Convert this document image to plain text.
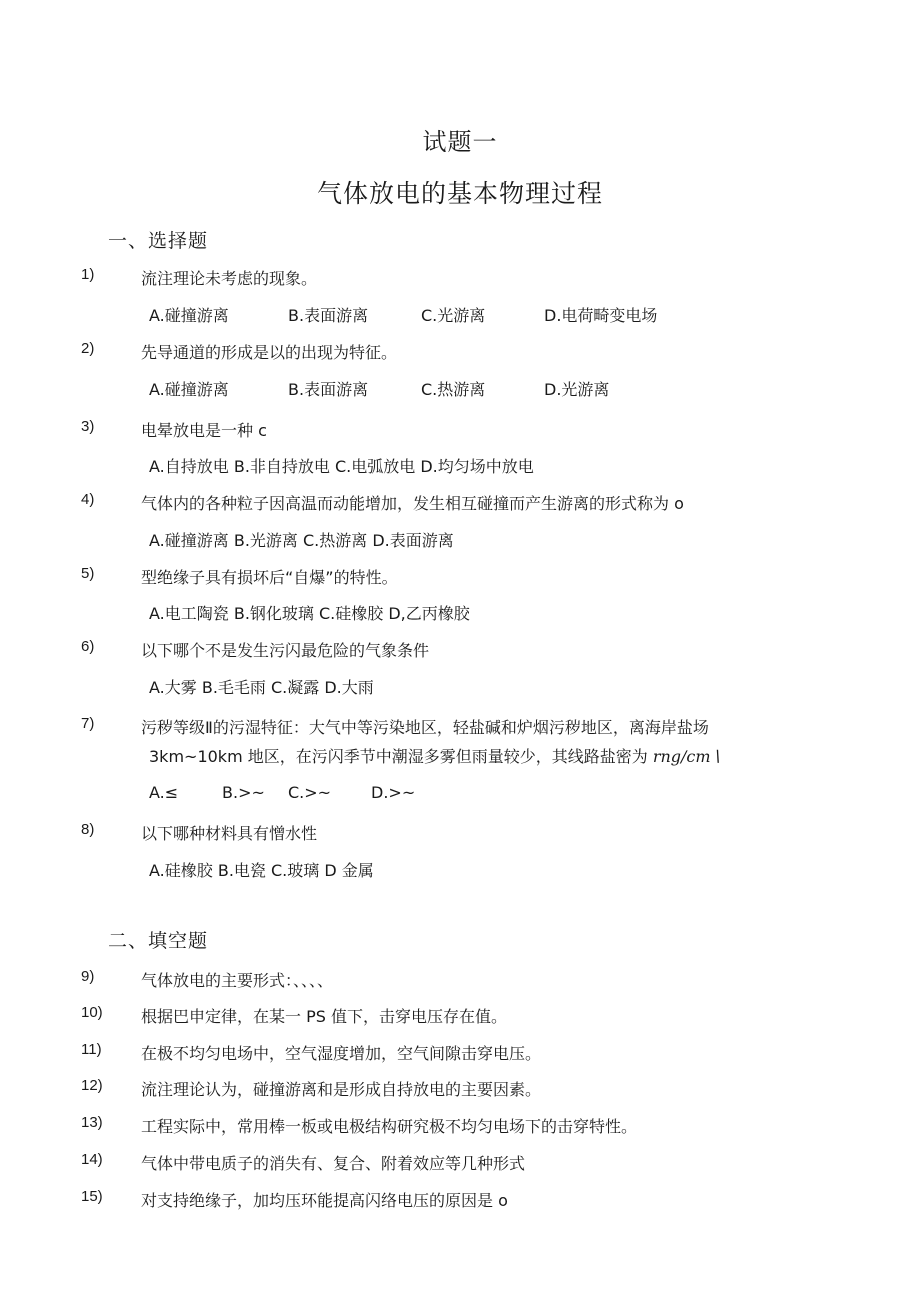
试题一
气体放电的基本物理过程
一、选择题
1)	流注理论未考虑的现象。
A.碰撞游离	B.表面游离	C.光游离	D.电荷畸变电场
2)	先导通道的形成是以的出现为特征。
A.碰撞游离	B.表面游离	C.热游离	D.光游离
3)	电晕放电是一种 c
A.自持放电 B.非自持放电 C.电弧放电 D.均匀场中放电
4)	气体内的各种粒子因高温而动能增加，发生相互碰撞而产生游离的形式称为 o
A.碰撞游离 B.光游离 C.热游离 D.表面游离
5)	型绝缘子具有损坏后“自爆”的特性。
A.电工陶瓷 B.钢化玻璃 C.硅橡胶 D,乙丙橡胶
6)	以下哪个不是发生污闪最危险的气象条件
A.大雾 B.毛毛雨 C.凝露 D.大雨
7)	污秽等级Ⅱ的污湿特征：大气中等污染地区，轻盐碱和炉烟污秽地区，离海岸盐场
3km~10km 地区，在污闪季节中潮湿多雾但雨量较少，其线路盐密为 rng∕cm∖
A.≤	B.>~ C.>~ D.>~
8)	以下哪种材料具有憎水性
A.硅橡胶 B.电瓷 C.玻璃 D 金属
二、填空题
9)	气体放电的主要形式：、、、、
10) 根据巴申定律，在某一 PS 值下，击穿电压存在值。
11) 在极不均匀电场中，空气湿度增加，空气间隙击穿电压。
12) 流注理论认为，碰撞游离和是形成自持放电的主要因素。
13) 工程实际中，常用棒一板或电极结构研究极不均匀电场下的击穿特性。
14) 气体中带电质子的消失有、复合、附着效应等几种形式
15) 对支持绝缘子，加均压环能提高闪络电压的原因是 o
